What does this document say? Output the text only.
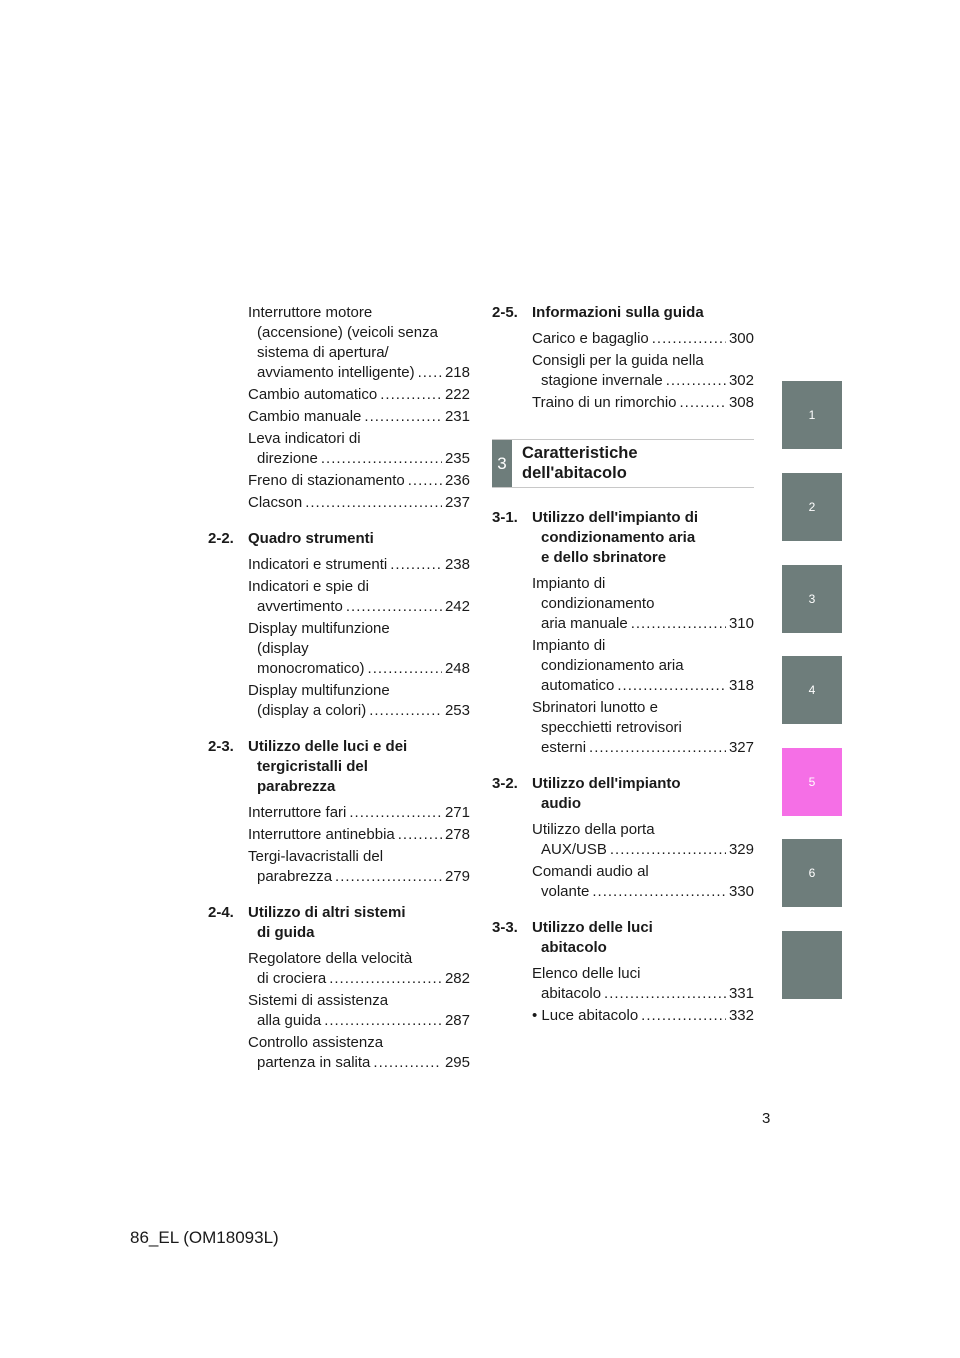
Interruttore motore
(accensione) (veicoli senza
sistema di apertura/
avviamento intelligente) ..... 218
Cambio automatico .....	222
Cambio manuale .....	231
Leva indicatori di
direzione .....	235
Freno di stazionamento .....	236
Clacson .....	237
2-2. Quadro strumenti
Indicatori e strumenti .....	238
Indicatori e spie di
avvertimento .....	242
Display multifunzione
(display
monocromatico) .....	248
Display multifunzione
(display a colori) .....	253
2-3. Utilizzo delle luci e dei
tergicristalli del
parabrezza
Interruttore fari .....	271
Interruttore antinebbia .....	278
Tergi-lavacristalli del
parabrezza .....	279
2-4. Utilizzo di altri sistemi
di guida
Regolatore della velocità
di crociera .....	282
Sistemi di assistenza
alla guida .....	287
Controllo assistenza
partenza in salita .....	295
2-5. Informazioni sulla guida
Carico e bagaglio .....	300
Consigli per la guida nella
stagione invernale .....	302
Traino di un rimorchio .....	308
3
Caratteristiche
dell'abitacolo
3-1. Utilizzo dell'impianto di
condizionamento aria
e dello sbrinatore
Impianto di
condizionamento
aria manuale .....	310
Impianto di
condizionamento aria
automatico .....	318
Sbrinatori lunotto e
specchietti retrovisori
esterni .....	327
3-2. Utilizzo dell'impianto
audio
Utilizzo della porta
AUX/USB .....	329
Comandi audio al
volante .....	330
3-3. Utilizzo delle luci
abitacolo
Elenco delle luci
abitacolo .....	331
• Luce abitacolo .....	332
1
2
3
4
5
6
3
86_EL (OM18093L)
